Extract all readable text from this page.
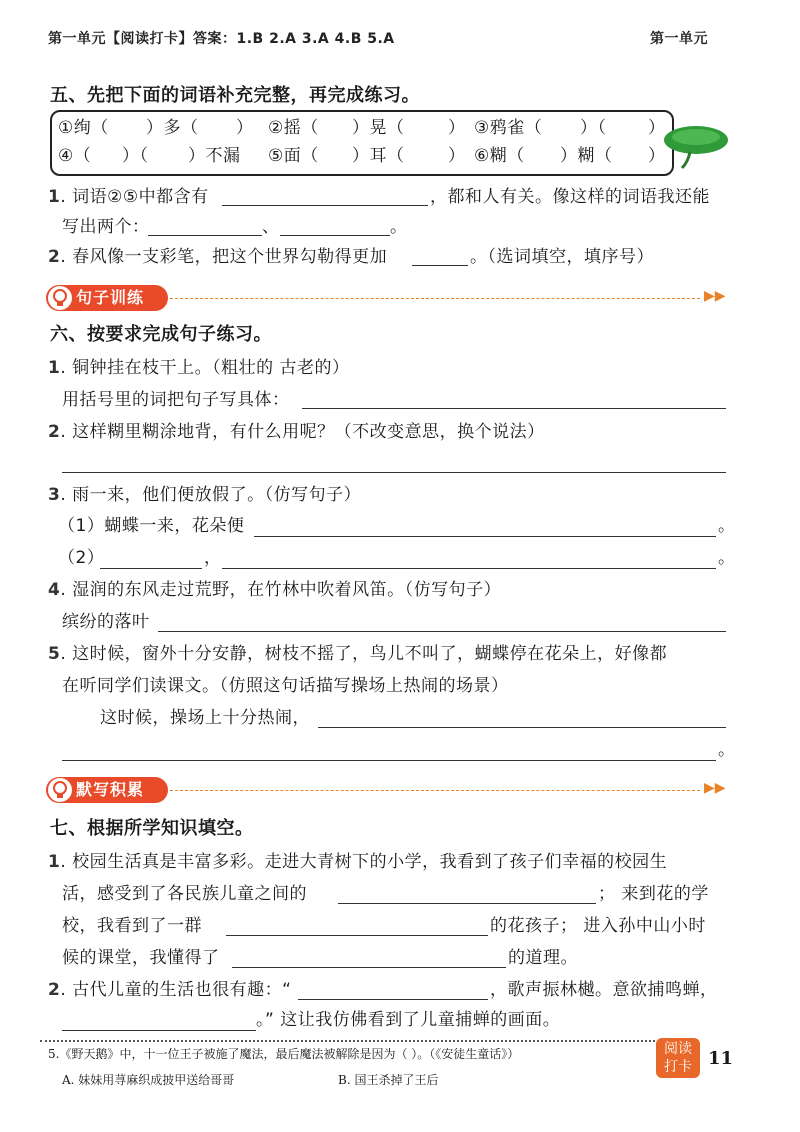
第一单元【阅读打卡】答案：1.B 2.A 3.A 4.B 5.A	第一单元
五、先把下面的词语补充完整，再完成练习。
①绚（ ）多（ ） ②摇（ ）晃（	） ③鸦雀（ ）（ ）
④（ ）（ ）不漏 ⑤面（ ）耳（	） ⑥糊（ ）糊（ ）
1. 词语②⑤中都含有	，都和人有关。像这样的词语我还能
写出两个：	、	。
2. 春风像一支彩笔，把这个世界勾勒得更加	。（选词填空，填序号）
句子训练	▶▶
六、按要求完成句子练习。
1. 铜钟挂在枝干上。（粗壮的 古老的）
用括号里的词把句子写具体：
2. 这样糊里糊涂地背，有什么用呢？（不改变意思，换个说法）
3. 雨一来，他们便放假了。（仿写句子）
（1）蝴蝶一来，花朵便	。
（2）	，	。
4. 湿润的东风走过荒野，在竹林中吹着风笛。（仿写句子）
缤纷的落叶
5. 这时候，窗外十分安静，树枝不摇了，鸟儿不叫了，蝴蝶停在花朵上，好像都
在听同学们读课文。（仿照这句话描写操场上热闹的场景）
这时候，操场上十分热闹，
。
默写积累	▶▶
七、根据所学知识填空。
1. 校园生活真是丰富多彩。走进大青树下的小学，我看到了孩子们幸福的校园生
活，感受到了各民族儿童之间的	； 来到花的学
校，我看到了一群	的花孩子； 进入孙中山小时
候的课堂，我懂得了	的道理。
2. 古代儿童的生活也很有趣：“	，歌声振林樾。意欲捕鸣蝉，
。” 这让我仿佛看到了儿童捕蝉的画面。
5.《野天鹅》中，十一位王子被施了魔法，最后魔法被解除是因为（ ）。（《安徒生童话》）
A. 妹妹用荨麻织成披甲送给哥哥	B. 国王杀掉了王后
阅读
打卡 11
